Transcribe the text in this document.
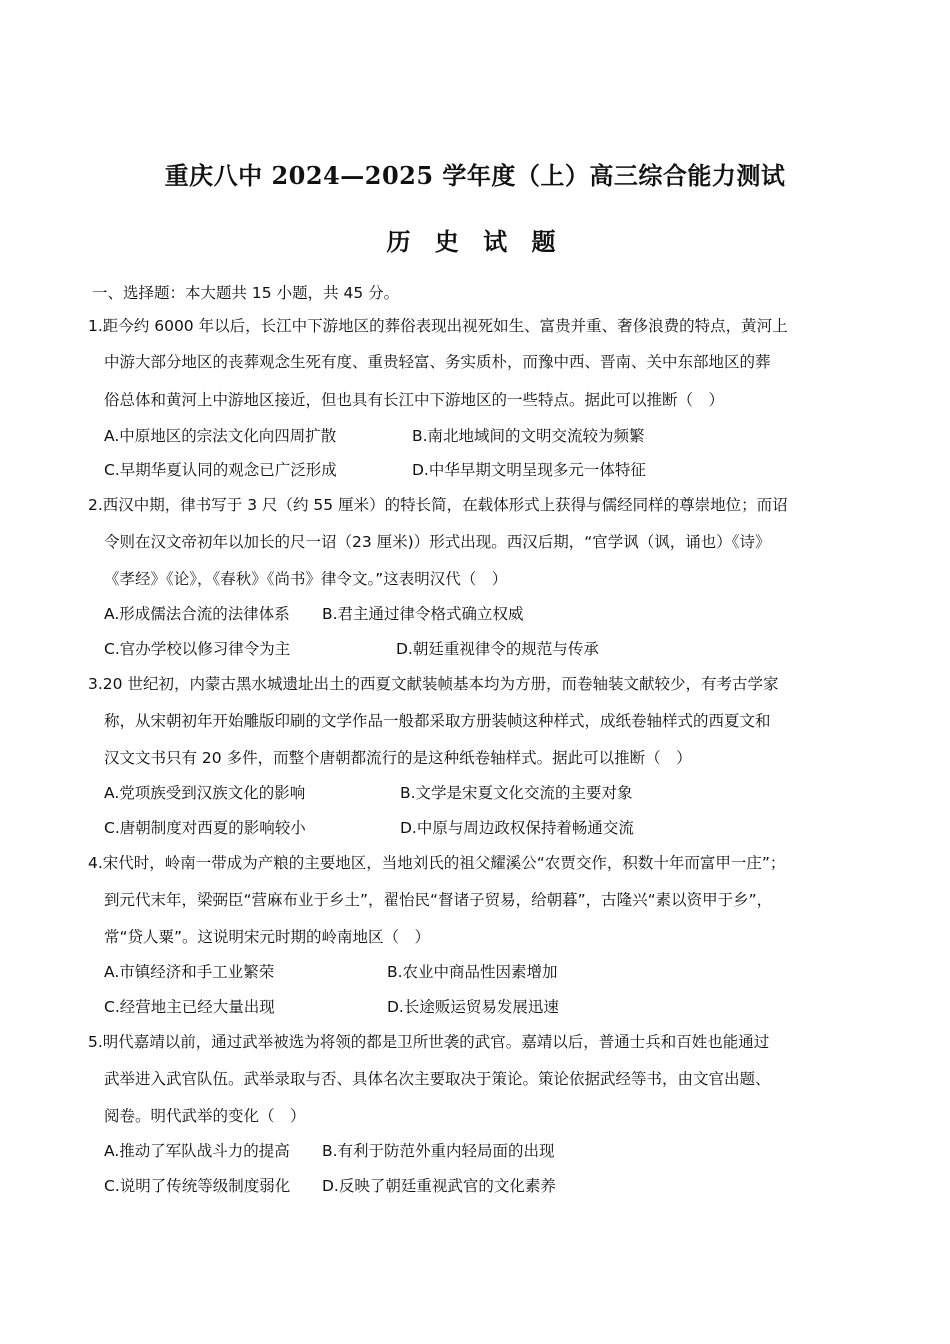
重庆八中 2024—2025 学年度（上）高三综合能力测试
历 史 试 题
一、选择题：本大题共 15 小题，共 45 分。
1.距今约 6000 年以后，长江中下游地区的葬俗表现出视死如生、富贵并重、奢侈浪费的特点，黄河上
中游大部分地区的丧葬观念生死有度、重贵轻富、务实质朴，而豫中西、晋南、关中东部地区的葬
俗总体和黄河上中游地区接近，但也具有长江中下游地区的一些特点。据此可以推断（　）
A.中原地区的宗法文化向四周扩散	B.南北地域间的文明交流较为频繁
C.早期华夏认同的观念已广泛形成	D.中华早期文明呈现多元一体特征
2.西汉中期，律书写于 3 尺（约 55 厘米）的特长简，在载体形式上获得与儒经同样的尊崇地位；而诏
令则在汉文帝初年以加长的尺一诏（23 厘米)）形式出现。西汉后期，“官学讽（讽，诵也）《诗》
《孝经》《论》，《春秋》《尚书》律令文。”这表明汉代（　）
A.形成儒法合流的法律体系 B.君主通过律令格式确立权威
C.官办学校以修习律令为主	D.朝廷重视律令的规范与传承
3.20 世纪初，内蒙古黑水城遗址出土的西夏文献装帧基本均为方册，而卷轴装文献较少，有考古学家
称，从宋朝初年开始雕版印刷的文学作品一般都采取方册装帧这种样式，成纸卷轴样式的西夏文和
汉文文书只有 20 多件，而整个唐朝都流行的是这种纸卷轴样式。据此可以推断（　）
A.党项族受到汉族文化的影响	B.文学是宋夏文化交流的主要对象
C.唐朝制度对西夏的影响较小	D.中原与周边政权保持着畅通交流
4.宋代时，岭南一带成为产粮的主要地区，当地刘氏的祖父耀溪公“农贾交作，积数十年而富甲一庄”；
到元代末年，梁弼臣“营麻布业于乡土”，翟怡民“督诸子贸易，给朝暮”，古隆兴“素以资甲于乡”，
常“贷人粟”。这说明宋元时期的岭南地区（　）
A.市镇经济和手工业繁荣	B.农业中商品性因素增加
C.经营地主已经大量出现	D.长途贩运贸易发展迅速
5.明代嘉靖以前，通过武举被选为将领的都是卫所世袭的武官。嘉靖以后，普通士兵和百姓也能通过
武举进入武官队伍。武举录取与否、具体名次主要取决于策论。策论依据武经等书，由文官出题、
阅卷。明代武举的变化（　）
A.推动了军队战斗力的提高 B.有利于防范外重内轻局面的出现
C.说明了传统等级制度弱化 D.反映了朝廷重视武官的文化素养
